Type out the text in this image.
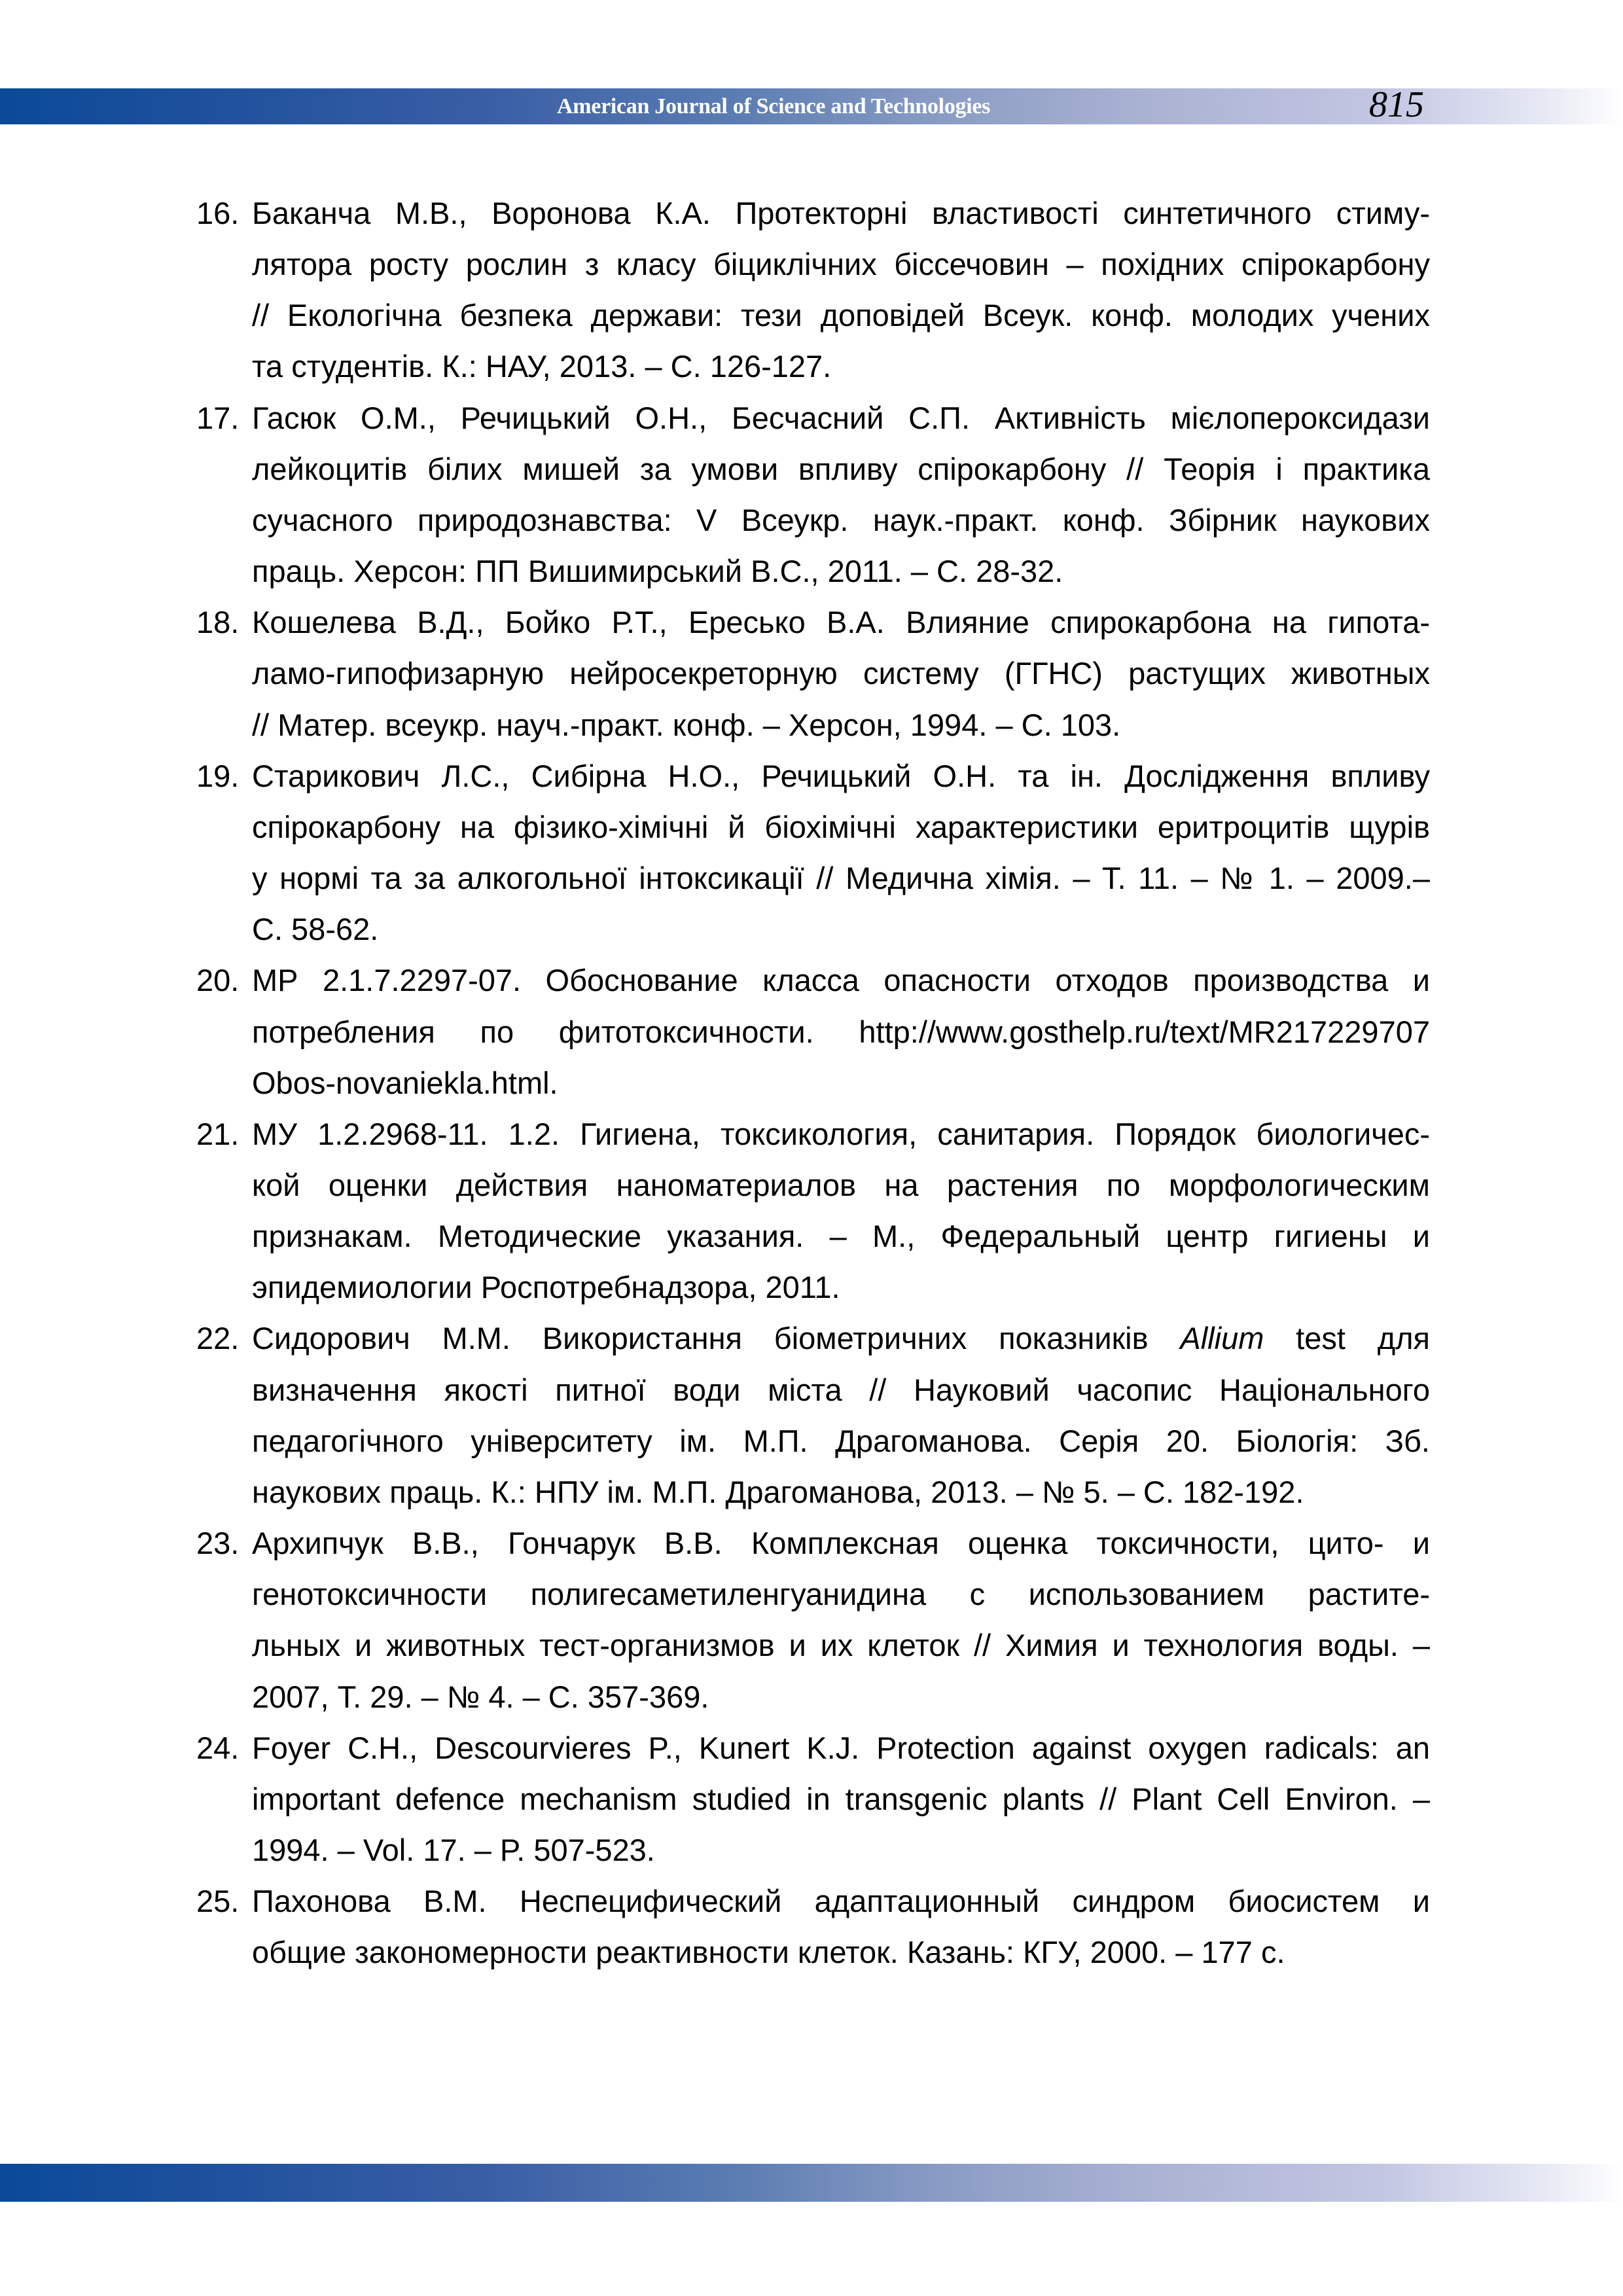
American Journal of Science and Technologies	815
16. Баканча М.В., Воронова К.А. Протекторні властивості синтетичного стиму-
лятора росту рослин з класу біциклічних біссечовин – похідних спірокарбону
// Екологічна безпека держави: тези доповідей Всеук. конф. молодих учених
та студентів. К.: НАУ, 2013. – С. 126-127.
17. Гасюк О.М., Речицький О.Н., Бесчасний С.П. Активність мієлопероксидази
лейкоцитів білих мишей за умови впливу спірокарбону // Теорія і практика
сучасного природознавства: V Всеукр. наук.-практ. конф. Збірник наукових
праць. Херсон: ПП Вишимирський В.С., 2011. – С. 28-32.
18. Кошелева В.Д., Бойко Р.Т., Ересько В.А. Влияние спирокарбона на гипота-
ламо-гипофизарную нейросекреторную систему (ГГНС) растущих животных
// Матер. всеукр. науч.-практ. конф. – Херсон, 1994. – С. 103.
19. Старикович Л.С., Сибірна Н.О., Речицький О.Н. та ін. Дослідження впливу
спірокарбону на фізико-хімічні й біохімічні характеристики еритроцитів щурів
у нормі та за алкогольної інтоксикації // Медична хімія. – Т. 11. – № 1. – 2009.–
С. 58-62.
20. МР 2.1.7.2297-07. Обоснование класса опасности отходов производства и
потребления по фитотоксичности. http://www.gosthelp.ru/text/MR217229707
Obos-novaniekla.html.
21. МУ 1.2.2968-11. 1.2. Гигиена, токсикология, санитария. Порядок биологичес-
кой оценки действия наноматериалов на растения по морфологическим
признакам. Методические указания. – М., Федеральный центр гигиены и
эпидемиологии Роспотребнадзора, 2011.
22. Сидорович М.М. Використання біометричних показників Allium test для
визначення якості питної води міста // Науковий часопис Національного
педагогічного університету ім. М.П. Драгоманова. Серія 20. Біологія: Зб.
наукових праць. К.: НПУ ім. М.П. Драгоманова, 2013. – № 5. – С. 182-192.
23. Архипчук В.В., Гончарук В.В. Комплексная оценка токсичности, цито- и
генотоксичности полигесаметиленгуанидина с использованием растите-
льных и животных тест-организмов и их клеток // Химия и технология воды. –
2007, Т. 29. – № 4. – С. 357-369.
24. Foyer C.H., Descourvieres P., Kunert K.J. Protection against oxygen radicals: an
important defence mechanism studied in transgenic plants // Plant Cell Environ. –
1994. – Vol. 17. – P. 507-523.
25. Пахонова В.М. Неспецифический адаптационный синдром биосистем и
общие закономерности реактивности клеток. Казань: КГУ, 2000. – 177 с.
